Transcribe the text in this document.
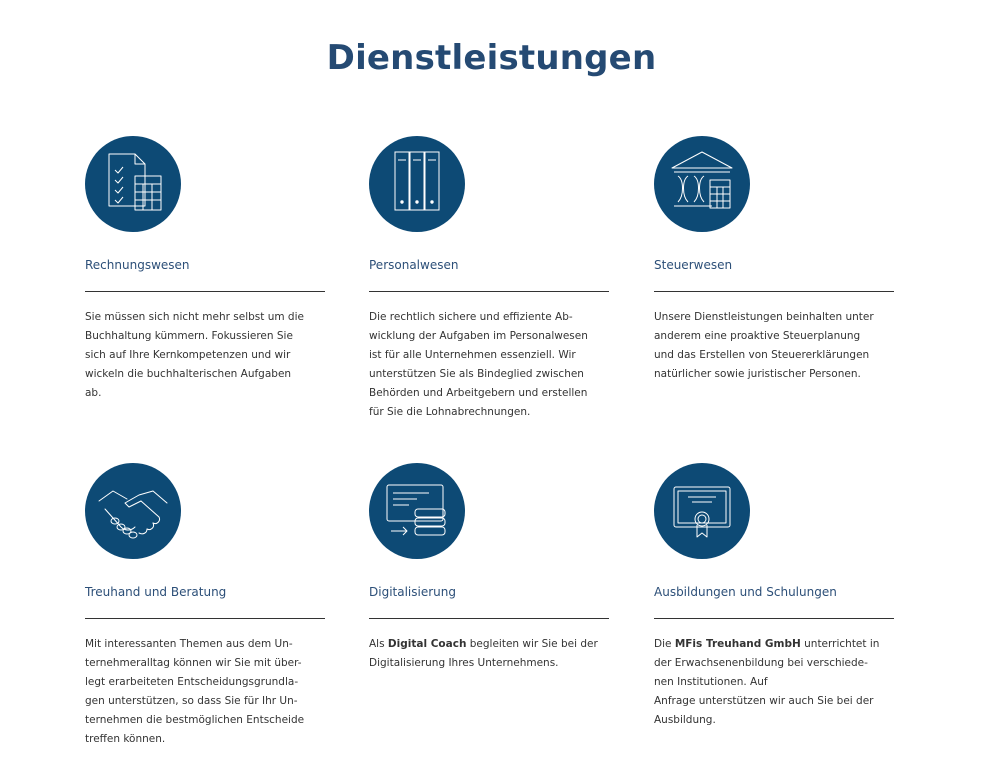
Dienstleistungen
Rechnungswesen
Sie müssen sich nicht mehr selbst um die
Buchhaltung kümmern. Fokussieren Sie
sich auf Ihre Kernkompetenzen und wir
wickeln die buchhalterischen Aufgaben
ab.
Personalwesen
Die rechtlich sichere und effiziente Ab-
wicklung der Aufgaben im Personalwesen
ist für alle Unternehmen essenziell. Wir
unterstützen Sie als Bindeglied zwischen
Behörden und Arbeitgebern und erstellen
für Sie die Lohnabrechnungen.
Steuerwesen
Unsere Dienstleistungen beinhalten unter
anderem eine proaktive Steuerplanung
und das Erstellen von Steuererklärungen
natürlicher sowie juristischer Personen.
Treuhand und Beratung
Mit interessanten Themen aus dem Un-
ternehmeralltag können wir Sie mit über-
legt erarbeiteten Entscheidungsgrundla-
gen unterstützen, so dass Sie für Ihr Un-
ternehmen die bestmöglichen Entscheide
treffen können.
Digitalisierung
Als Digital Coach begleiten wir Sie bei der
Digitalisierung Ihres Unternehmens.
Ausbildungen und Schulungen
Die MFis Treuhand GmbH unterrichtet in
der Erwachsenenbildung bei verschiede-
nen Institutionen. Auf
Anfrage unterstützen wir auch Sie bei der
Ausbildung.
